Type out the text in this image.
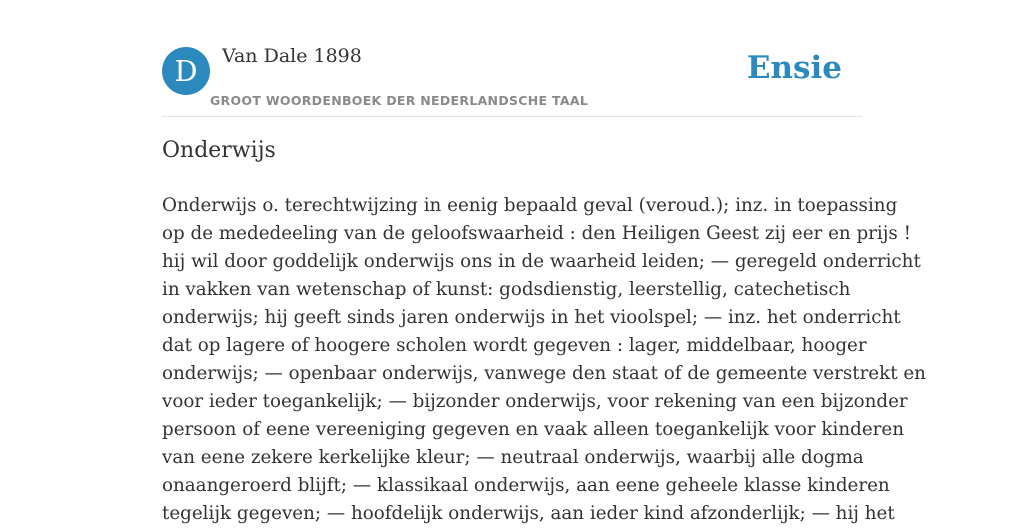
D	Van Dale 1898
GROOT WOORDENBOEK DER NEDERLANDSCHE TAAL
Ensie
Onderwijs

Onderwijs o. terechtwijzing in eenig bepaald geval (veroud.); inz. in toepassing
op de mededeeling van de geloofswaarheid : den Heiligen Geest zij eer en prijs !
hij wil door goddelijk onderwijs ons in de waarheid leiden; — geregeld onderricht
in vakken van wetenschap of kunst: godsdienstig, leerstellig, catechetisch
onderwijs; hij geeft sinds jaren onderwijs in het vioolspel; — inz. het onderricht
dat op lagere of hoogere scholen wordt gegeven : lager, middelbaar, hooger
onderwijs; — openbaar onderwijs, vanwege den staat of de gemeente verstrekt en
voor ieder toegankelijk; — bijzonder onderwijs, voor rekening van een bijzonder
persoon of eene vereeniging gegeven en vaak alleen toegankelijk voor kinderen
van eene zekere kerkelijke kleur; — neutraal onderwijs, waarbij alle dogma
onaangeroerd blijft; — klassikaal onderwijs, aan eene geheele klasse kinderen
tegelijk gegeven; — hoofdelijk onderwijs, aan ieder kind afzonderlijk; — hij het
